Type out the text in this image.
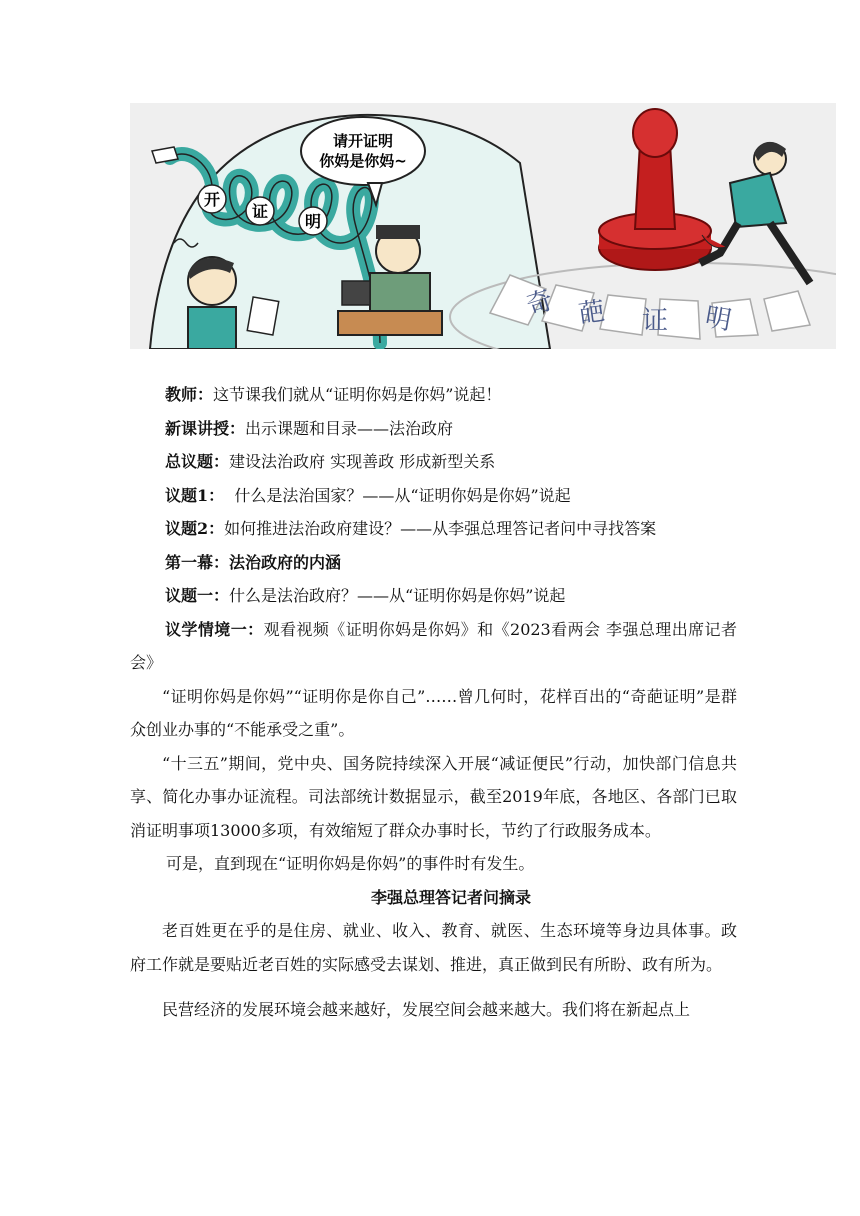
开
证
明
请开证明
你妈是你妈~
奇 葩 证 明

教师：这节课我们就从“证明你妈是你妈”说起！

新课讲授：出示课题和目录——法治政府

总议题：建设法治政府 实现善政 形成新型关系

议题1：  什么是法治国家？——从“证明你妈是你妈”说起

议题2：如何推进法治政府建设？——从李强总理答记者问中寻找答案

第一幕：法治政府的内涵

议题一：什么是法治政府？——从“证明你妈是你妈”说起

议学情境一：观看视频《证明你妈是你妈》和《2023看两会 李强总理出席记者会》

“证明你妈是你妈”“证明你是你自己”……曾几何时，花样百出的“奇葩证明”是群众创业办事的“不能承受之重”。

“十三五”期间，党中央、国务院持续深入开展“减证便民”行动，加快部门信息共享、简化办事办证流程。司法部统计数据显示，截至2019年底，各地区、各部门已取消证明事项13000多项，有效缩短了群众办事时长，节约了行政服务成本。

可是，直到现在“证明你妈是你妈”的事件时有发生。

李强总理答记者问摘录

老百姓更在乎的是住房、就业、收入、教育、就医、生态环境等身边具体事。政府工作就是要贴近老百姓的实际感受去谋划、推进，真正做到民有所盼、政有所为。

民营经济的发展环境会越来越好，发展空间会越来越大。我们将在新起点上
